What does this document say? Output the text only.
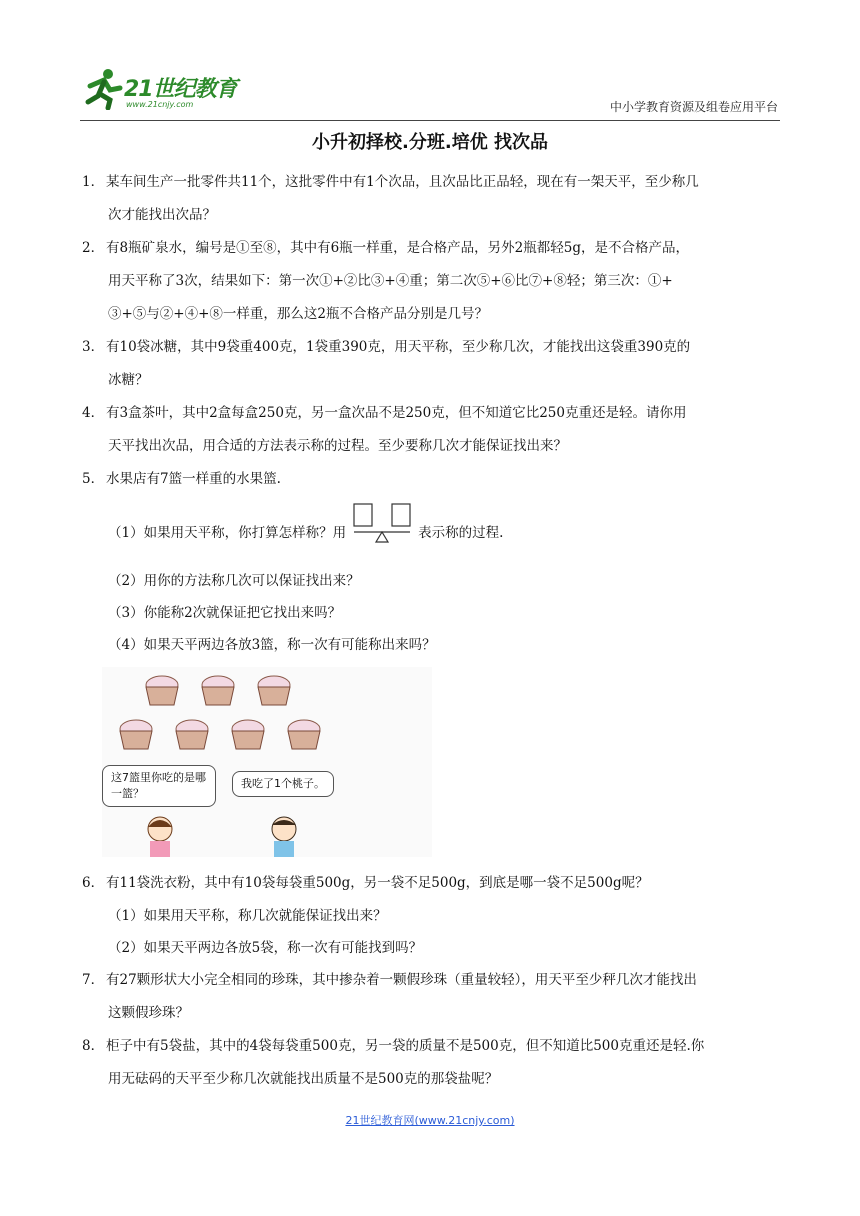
21世纪教育
www.21cnjy.com	中小学教育资源及组卷应用平台
小升初择校.分班.培优 找次品
1． 某车间生产一批零件共11个，这批零件中有1个次品，且次品比正品轻，现在有一架天平，至少称几
次才能找出次品？
2． 有8瓶矿泉水，编号是①至⑧，其中有6瓶一样重，是合格产品，另外2瓶都轻5g，是不合格产品，
用天平称了3次，结果如下：第一次①+②比③+④重；第二次⑤+⑥比⑦+⑧轻；第三次：①+
③+⑤与②+④+⑧一样重，那么这2瓶不合格产品分别是几号？
3． 有10袋冰糖，其中9袋重400克，1袋重390克，用天平称，至少称几次，才能找出这袋重390克的
冰糖？
4． 有3盒茶叶，其中2盒每盒250克，另一盒次品不是250克，但不知道它比250克重还是轻。请你用
天平找出次品，用合适的方法表示称的过程。至少要称几次才能保证找出来？
5． 水果店有7篮一样重的水果篮.
（1）如果用天平称，你打算怎样称？用	表示称的过程.
（2）用你的方法称几次可以保证找出来？
（3）你能称2次就保证把它找出来吗？
（4）如果天平两边各放3篮，称一次有可能称出来吗？
这7篮里你吃的是哪一篮？
我吃了1个桃子。
6． 有11袋洗衣粉，其中有10袋每袋重500g，另一袋不足500g，到底是哪一袋不足500g呢？
（1）如果用天平称，称几次就能保证找出来？
（2）如果天平两边各放5袋，称一次有可能找到吗？
7． 有27颗形状大小完全相同的珍珠，其中掺杂着一颗假珍珠（重量较轻），用天平至少秤几次才能找出
这颗假珍珠？
8． 柜子中有5袋盐，其中的4袋每袋重500克，另一袋的质量不是500克，但不知道比500克重还是轻.你
用无砝码的天平至少称几次就能找出质量不是500克的那袋盐呢？
21世纪教育网(www.21cnjy.com)
